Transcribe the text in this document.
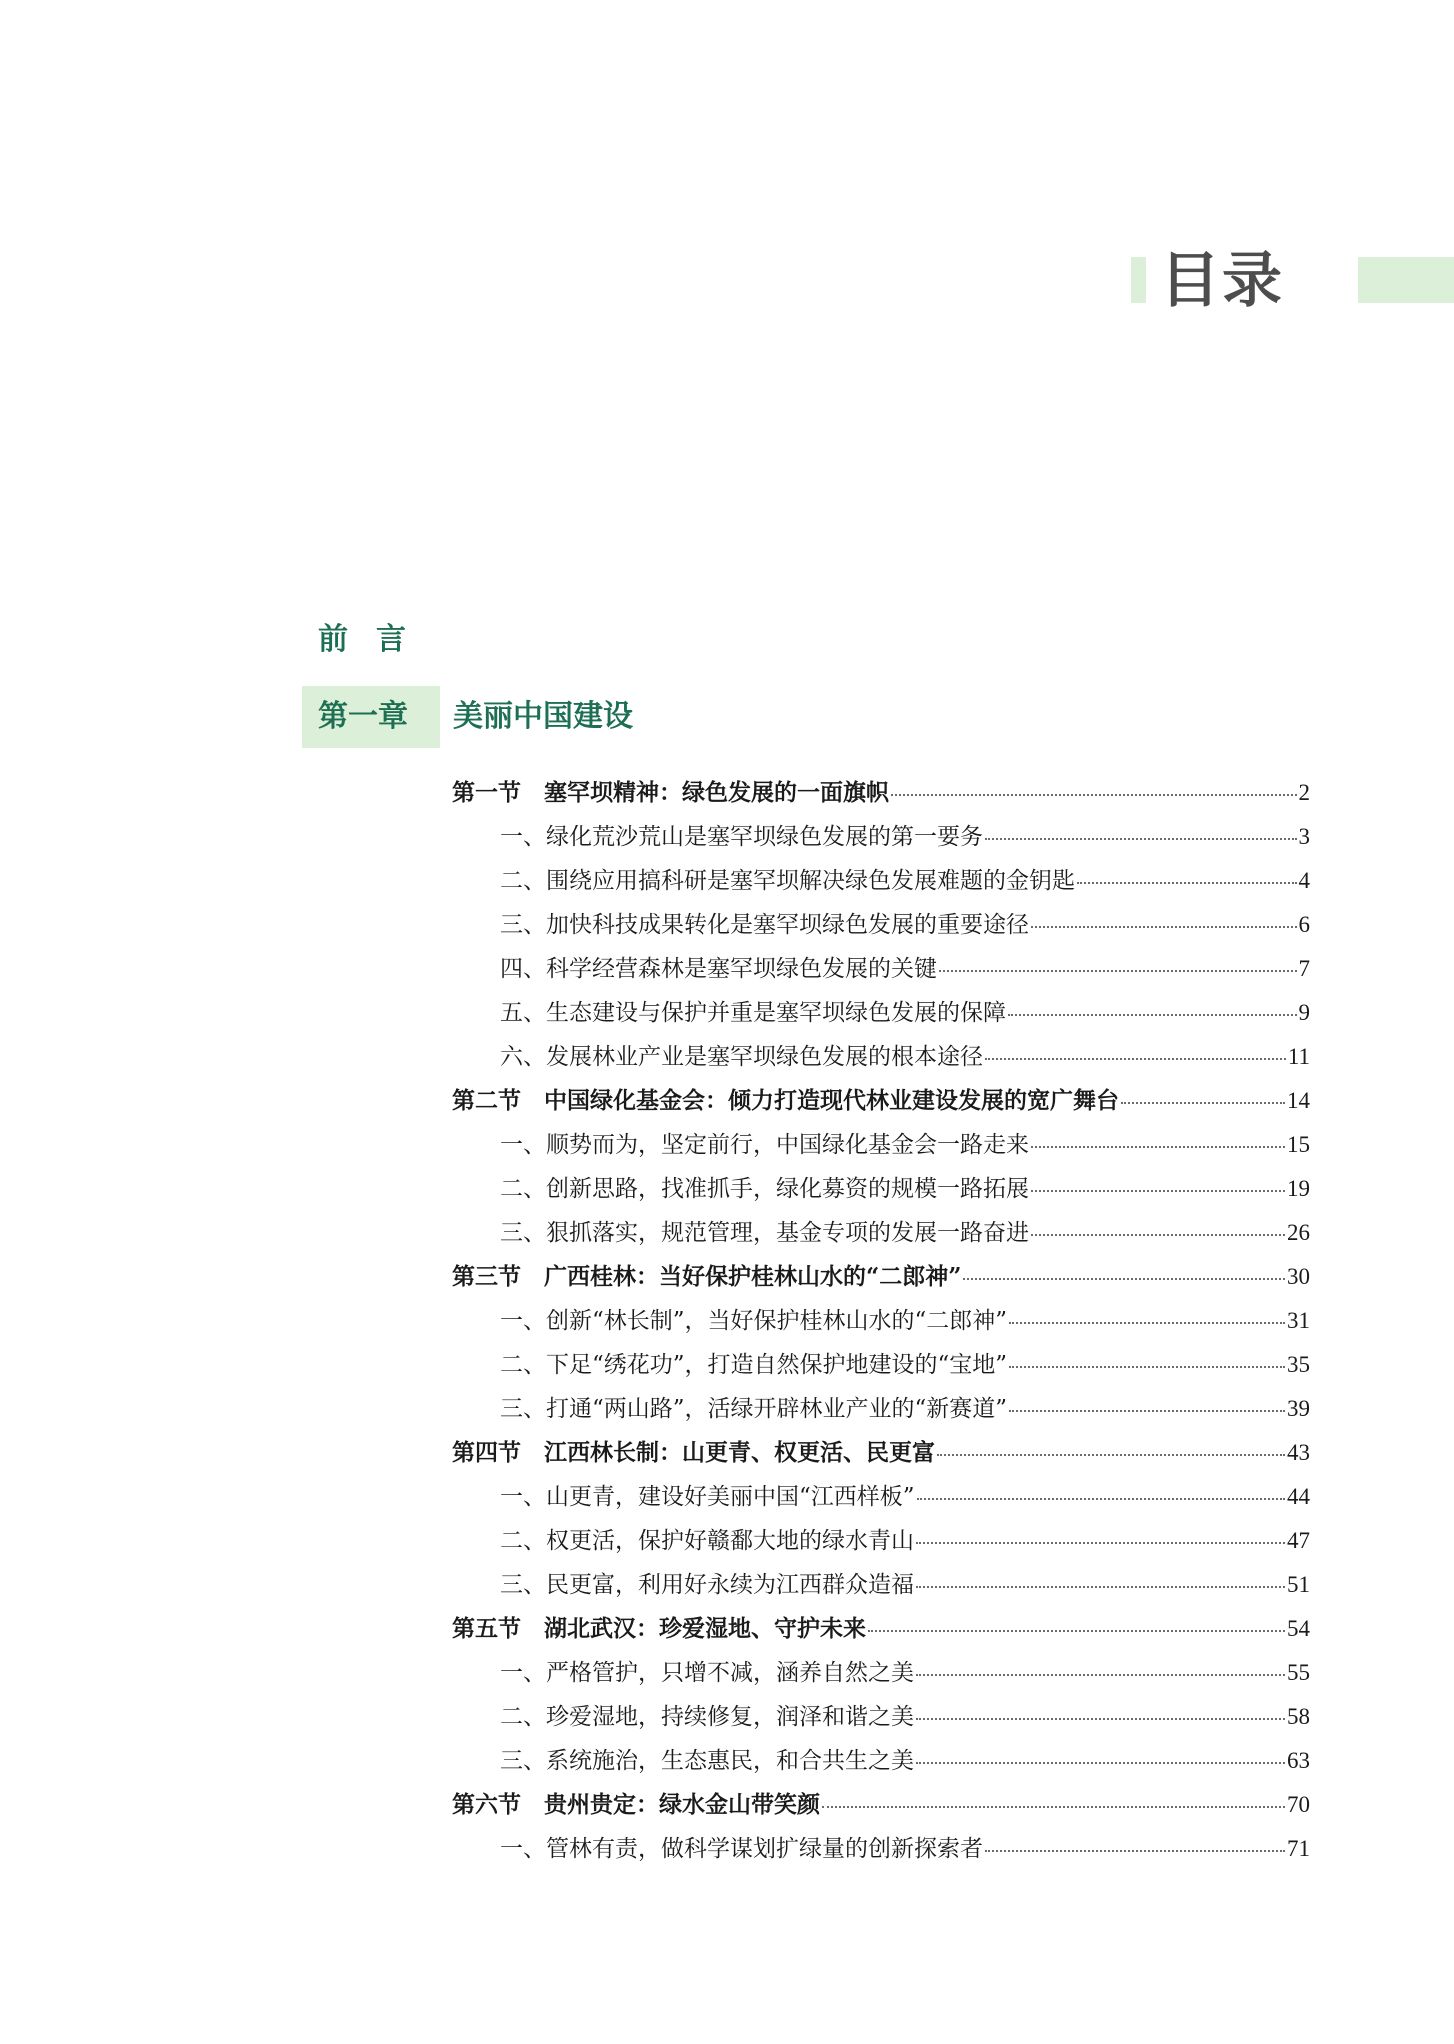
目录
前言
第一章 美丽中国建设
第一节　塞罕坝精神：绿色发展的一面旗帜	2
一、绿化荒沙荒山是塞罕坝绿色发展的第一要务	3
二、围绕应用搞科研是塞罕坝解决绿色发展难题的金钥匙	4
三、加快科技成果转化是塞罕坝绿色发展的重要途径	6
四、科学经营森林是塞罕坝绿色发展的关键	7
五、生态建设与保护并重是塞罕坝绿色发展的保障	9
六、发展林业产业是塞罕坝绿色发展的根本途径	11
第二节　中国绿化基金会：倾力打造现代林业建设发展的宽广舞台	14
一、顺势而为，坚定前行，中国绿化基金会一路走来	15
二、创新思路，找准抓手，绿化募资的规模一路拓展	19
三、狠抓落实，规范管理，基金专项的发展一路奋进	26
第三节　广西桂林：当好保护桂林山水的“二郎神”	30
一、创新“林长制”，当好保护桂林山水的“二郎神”	31
二、下足“绣花功”，打造自然保护地建设的“宝地”	35
三、打通“两山路”，活绿开辟林业产业的“新赛道”	39
第四节　江西林长制：山更青、权更活、民更富	43
一、山更青，建设好美丽中国“江西样板”	44
二、权更活，保护好赣鄱大地的绿水青山	47
三、民更富，利用好永续为江西群众造福	51
第五节　湖北武汉：珍爱湿地、守护未来	54
一、严格管护，只增不减，涵养自然之美	55
二、珍爱湿地，持续修复，润泽和谐之美	58
三、系统施治，生态惠民，和合共生之美	63
第六节　贵州贵定：绿水金山带笑颜	70
一、管林有责，做科学谋划扩绿量的创新探索者	71
